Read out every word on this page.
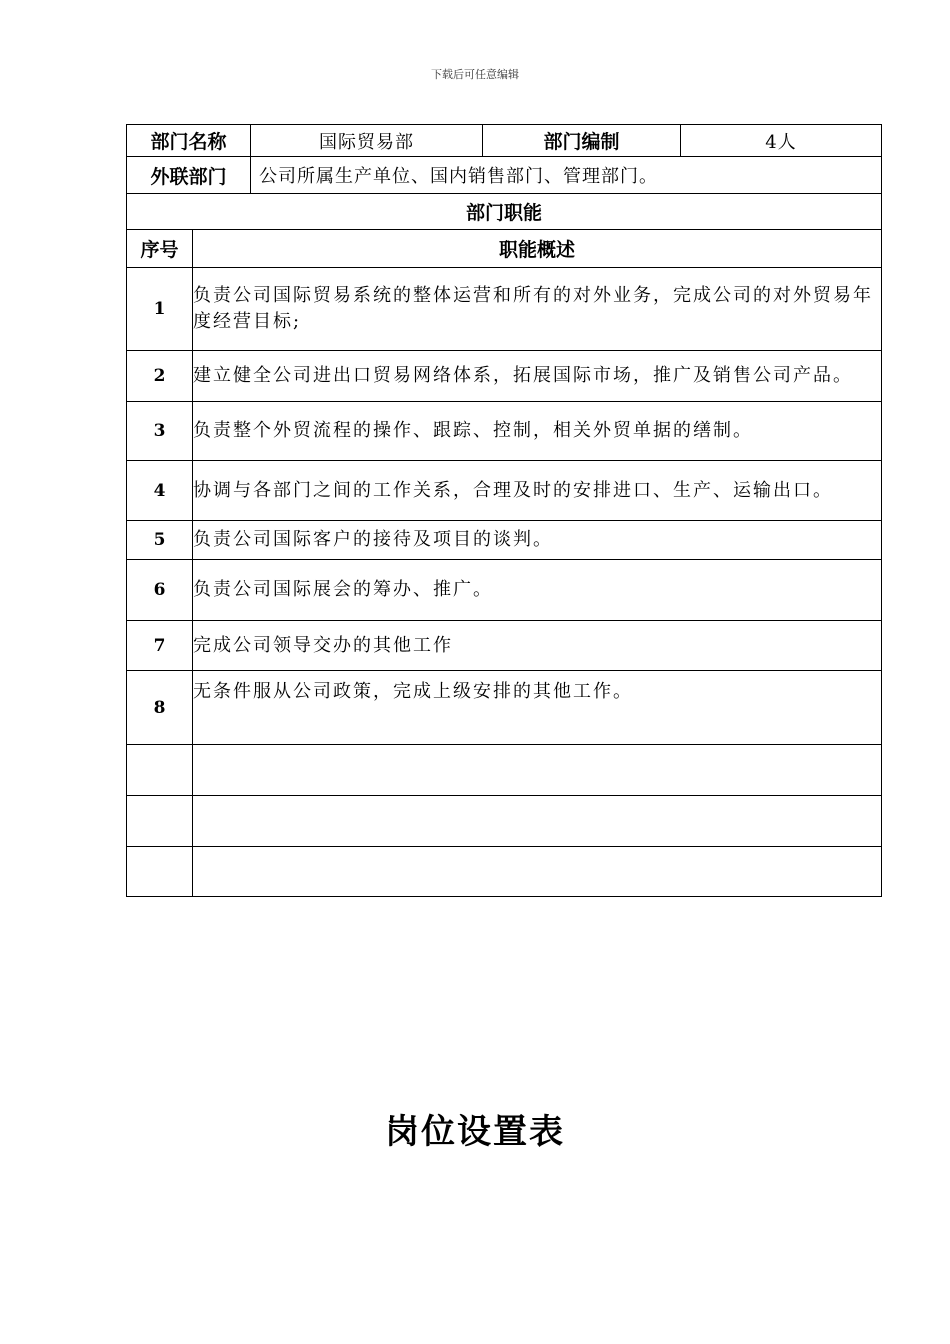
下载后可任意编辑
部门名称		国际贸易部	部门编制	4人
外联部门		公司所属生产单位、国内销售部门、管理部门。		
部门职能				
序号	职能概述			
1	负责公司国际贸易系统的整体运营和所有的对外业务，完成公司的对外贸易年度经营目标;			
2	建立健全公司进出口贸易网络体系，拓展国际市场，推广及销售公司产品。			
3	负责整个外贸流程的操作、跟踪、控制，相关外贸单据的缮制。			
4	协调与各部门之间的工作关系，合理及时的安排进口、生产、运输出口。			
5	负责公司国际客户的接待及项目的谈判。			
6	负责公司国际展会的筹办、推广。			
7	完成公司领导交办的其他工作			
8	无条件服从公司政策，完成上级安排的其他工作。			

岗位设置表
